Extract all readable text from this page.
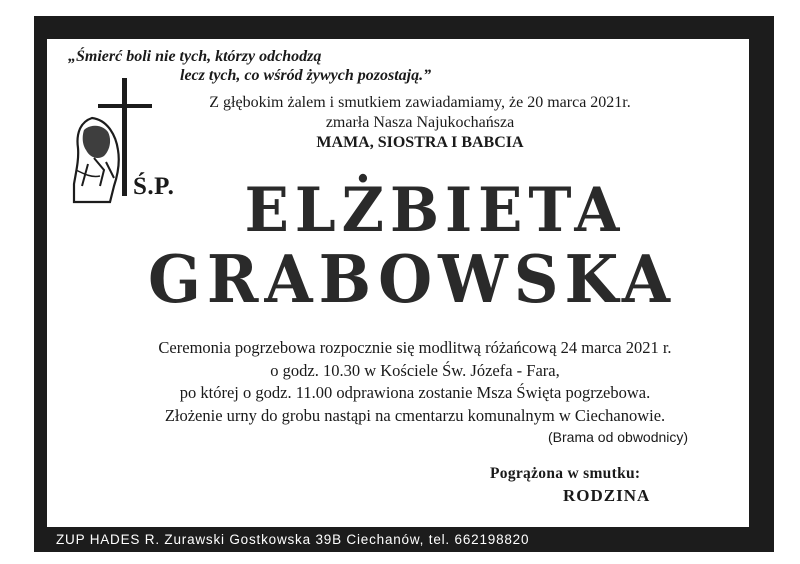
„Śmierć boli nie tych, którzy odchodzą
lecz tych, co wśród żywych pozostają.”
Z głębokim żalem i smutkiem zawiadamiamy, że 20 marca 2021r.
zmarła Nasza Najukochańsza
MAMA, SIOSTRA I BABCIA
Ś.P.	ELŻBIETA
GRABOWSKA
Ceremonia pogrzebowa rozpocznie się modlitwą różańcową 24 marca 2021 r.
o godz. 10.30 w Kościele Św. Józefa - Fara,
po której o godz. 11.00 odprawiona zostanie Msza Święta pogrzebowa.
Złożenie urny do grobu nastąpi na cmentarzu komunalnym w Ciechanowie.
(Brama od obwodnicy)
Pogrążona w smutku:
RODZINA
ZUP HADES R. Zurawski Gostkowska 39B Ciechanów, tel. 662198820
